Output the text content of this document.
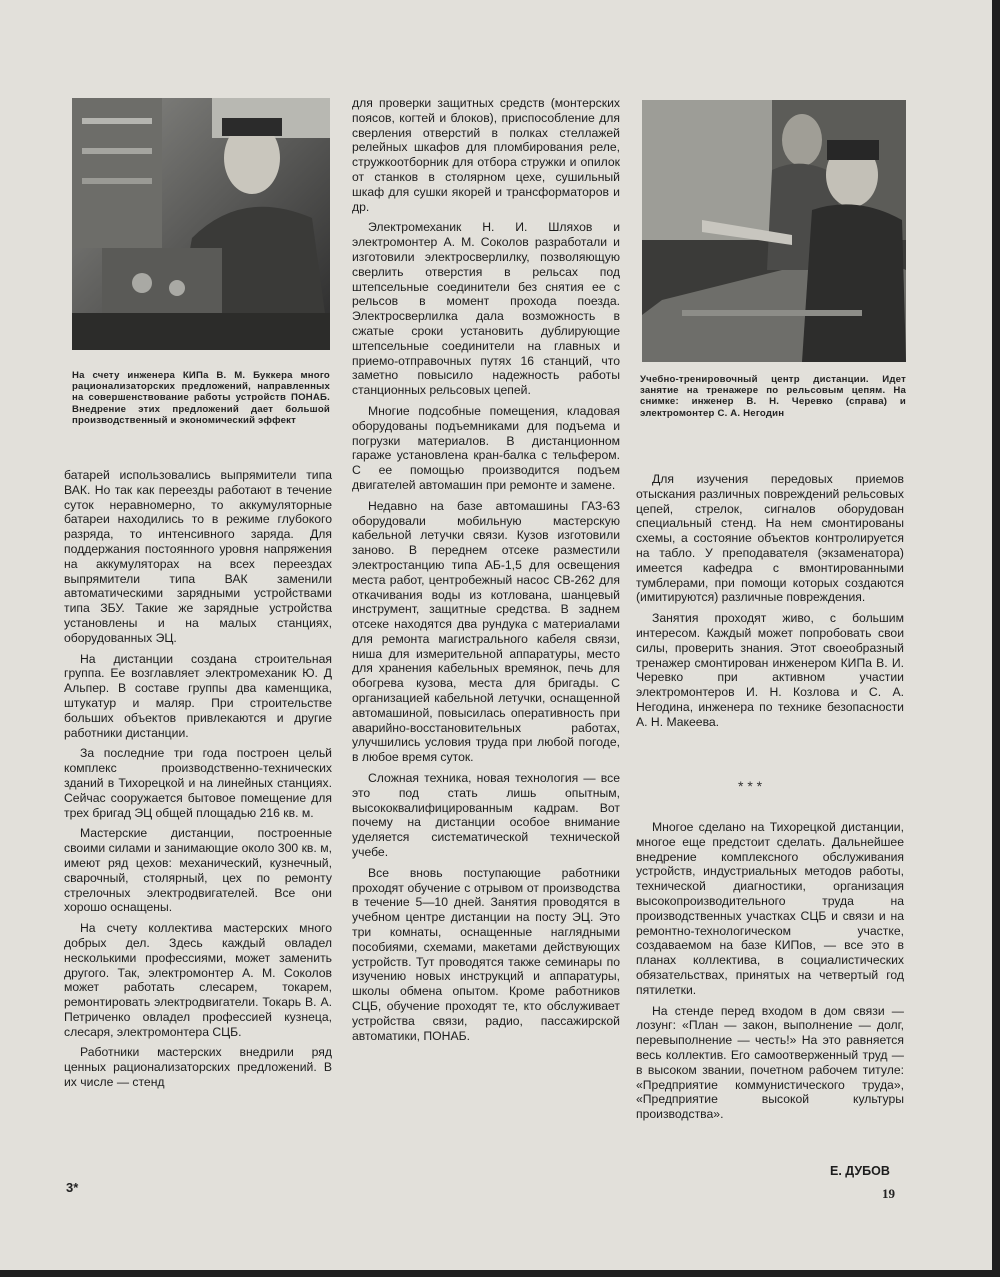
На счету инженера КИПа В. М. Буккера много рационализаторских предложений, направленных на совершенствование работы устройств ПОНАБ. Внедрение этих предложений дает большой производственный и экономический эффект

Учебно-тренировочный центр дистанции. Идет занятие на тренажере по рельсовым цепям. На снимке: инженер В. Н. Черевко (справа) и электромонтер С. А. Негодин

батарей использовались выпрямители типа ВАК. Но так как переезды работают в течение суток неравномерно, то аккумуляторные батареи находились то в режиме глубокого разряда, то интенсивного заряда. Для поддержания постоянного уровня напряжения на аккумуляторах на всех переездах выпрямители типа ВАК заменили автоматическими зарядными устройствами типа ЗБУ. Такие же зарядные устройства установлены и на малых станциях, оборудованных ЭЦ.

На дистанции создана строительная группа. Ее возглавляет электромеханик Ю. Д Альпер. В составе группы два каменщика, штукатур и маляр. При строительстве больших объектов привлекаются и другие работники дистанции.

За последние три года построен цельй комплекс производственно-технических зданий в Тихорецкой и на линейных станциях. Сейчас сооружается бытовое помещение для трех бригад ЭЦ общей площадью 216 кв. м.

Мастерские дистанции, построенные своими силами и занимающие около 300 кв. м, имеют ряд цехов: механический, кузнечный, сварочный, столярный, цех по ремонту стрелочных электродвигателей. Все они хорошо оснащены.

На счету коллектива мастерских много добрых дел. Здесь каждый овладел несколькими профессиями, может заменить другого. Так, электромонтер А. М. Соколов может работать слесарем, токарем, ремонтировать электродвигатели. Токарь В. А. Петриченко овладел профессией кузнеца, слесаря, электромонтера СЦБ.

Работники мастерских внедрили ряд ценных рационализаторских предложений. В их числе — стенд

для проверки защитных средств (монтерских поясов, когтей и блоков), приспособление для сверления отверстий в полках стеллажей релейных шкафов для пломбирования реле, стружкоотборник для отбора стружки и опилок от станков в столярном цехе, сушильный шкаф для сушки якорей и трансформаторов и др.

Электромеханик Н. И. Шляхов и электромонтер А. М. Соколов разработали и изготовили электросверлилку, позволяющую сверлить отверстия в рельсах под штепсельные соединители без снятия ее с рельсов в момент прохода поезда. Электросверлилка дала возможность в сжатые сроки установить дублирующие штепсельные соединители на главных и приемо-отправочных путях 16 станций, что заметно повысило надежность работы станционных рельсовых цепей.

Многие подсобные помещения, кладовая оборудованы подъемниками для подъема и погрузки материалов. В дистанционном гараже установлена кран-балка с тельфером. С ее помощью производится подъем двигателей автомашин при ремонте и замене.

Недавно на базе автомашины ГАЗ-63 оборудовали мобильную мастерскую кабельной летучки связи. Кузов изготовили заново. В переднем отсеке разместили электростанцию типа АБ-1,5 для освещения места работ, центробежный насос СВ-262 для откачивания воды из котлована, шанцевый инструмент, защитные средства. В заднем отсеке находятся два рундука с материалами для ремонта магистрального кабеля связи, ниша для измерительной аппаратуры, место для хранения кабельных времянок, печь для обогрева кузова, места для бригады. С организацией кабельной летучки, оснащенной автомашиной, повысилась оперативность при аварийно-восстановительных работах, улучшились условия труда при любой погоде, в любое время суток.

Сложная техника, новая технология — все это под стать лишь опытным, высококвалифицированным кадрам. Вот почему на дистанции особое внимание уделяется систематической технической учебе.

Все вновь поступающие работники проходят обучение с отрывом от производства в течение 5—10 дней. Занятия проводятся в учебном центре дистанции на посту ЭЦ. Это три комнаты, оснащенные наглядными пособиями, схемами, макетами действующих устройств. Тут проводятся также семинары по изучению новых инструкций и аппаратуры, школы обмена опытом. Кроме работников СЦБ, обучение проходят те, кто обслуживает устройства связи, радио, пассажирской автоматики, ПОНАБ.

Для изучения передовых приемов отыскания различных повреждений рельсовых цепей, стрелок, сигналов оборудован специальный стенд. На нем смонтированы схемы, а состояние объектов контролируется на табло. У преподавателя (экзаменатора) имеется кафедра с вмонтированными тумблерами, при помощи которых создаются (имитируются) различные повреждения.

Занятия проходят живо, с большим интересом. Каждый может попробовать свои силы, проверить знания. Этот своеобразный тренажер смонтирован инженером КИПа В. И. Черевко при активном участии электромонтеров И. Н. Козлова и С. А. Негодина, инженера по технике безопасности А. Н. Макеева.

* * *

Многое сделано на Тихорецкой дистанции, многое еще предстоит сделать. Дальнейшее внедрение комплексного обслуживания устройств, индустриальных методов работы, технической диагностики, организация высокопроизводительного труда на производственных участках СЦБ и связи и на ремонтно-технологическом участке, создаваемом на базе КИПов, — все это в планах коллектива, в социалистических обязательствах, принятых на четвертый год пятилетки.

На стенде перед входом в дом связи — лозунг: «План — закон, выполнение — долг, перевыполнение — честь!» На это равняется весь коллектив. Его самоотверженный труд — в высоком звании, почетном рабочем титуле: «Предприятие коммунистического труда», «Предприятие высокой культуры производства».

Е. ДУБОВ
19
3*
